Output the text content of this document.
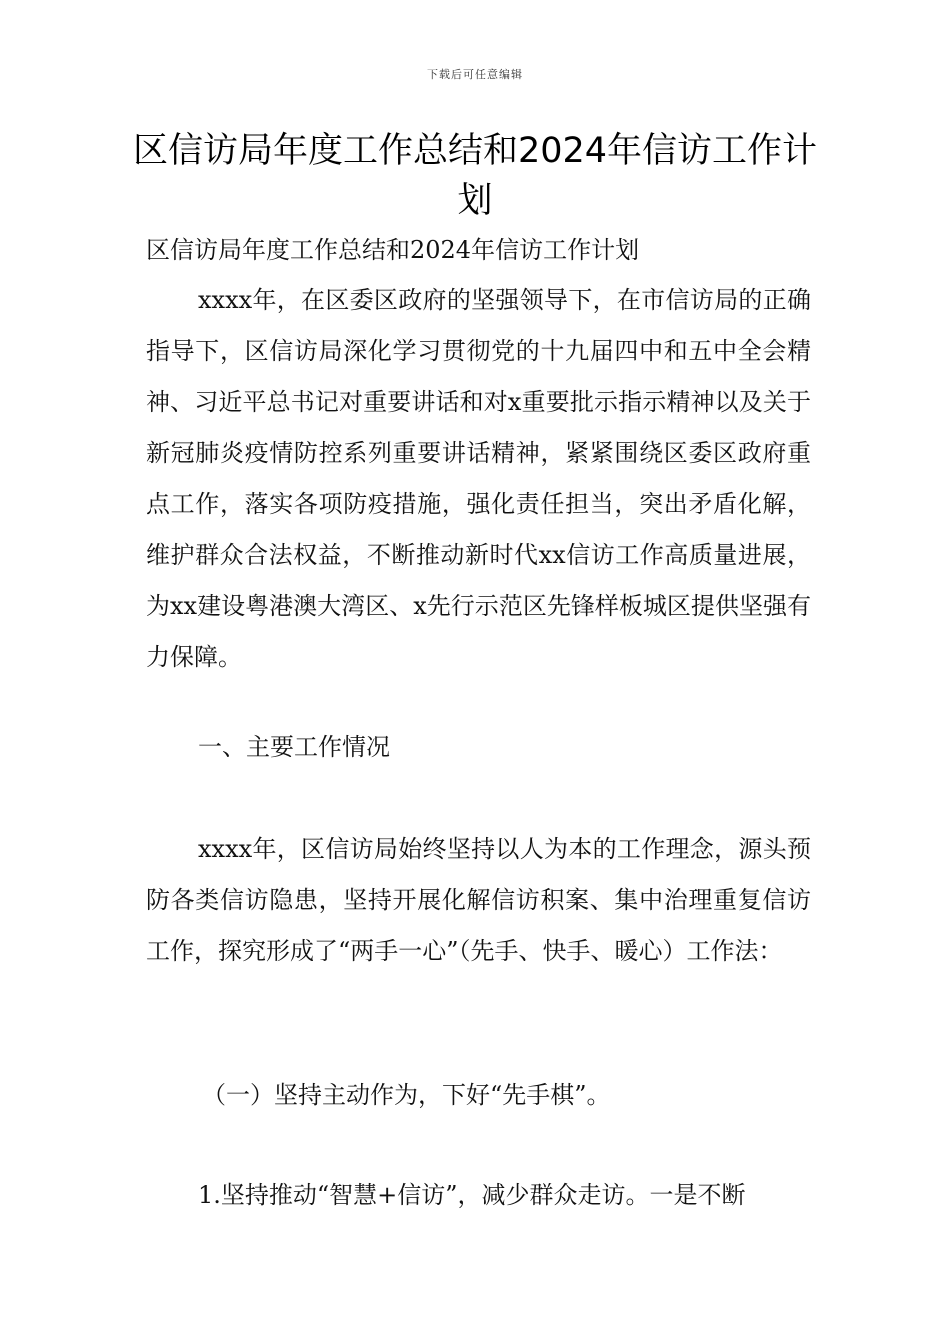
下载后可任意编辑
区信访局年度工作总结和2024年信访工作计划

区信访局年度工作总结和2024年信访工作计划

xxxx年，在区委区政府的坚强领导下，在市信访局的正确指导下，区信访局深化学习贯彻党的十九届四中和五中全会精神、习近平总书记对重要讲话和对x重要批示指示精神以及关于新冠肺炎疫情防控系列重要讲话精神，紧紧围绕区委区政府重点工作，落实各项防疫措施，强化责任担当，突出矛盾化解，维护群众合法权益，不断推动新时代xx信访工作高质量进展，为xx建设粤港澳大湾区、x先行示范区先锋样板城区提供坚强有力保障。

一、主要工作情况

xxxx年，区信访局始终坚持以人为本的工作理念，源头预防各类信访隐患，坚持开展化解信访积案、集中治理重复信访工作，探究形成了“两手一心”（先手、快手、暖心）工作法：

（一）坚持主动作为，下好“先手棋”。

1.坚持推动“智慧+信访”，减少群众走访。一是不断
